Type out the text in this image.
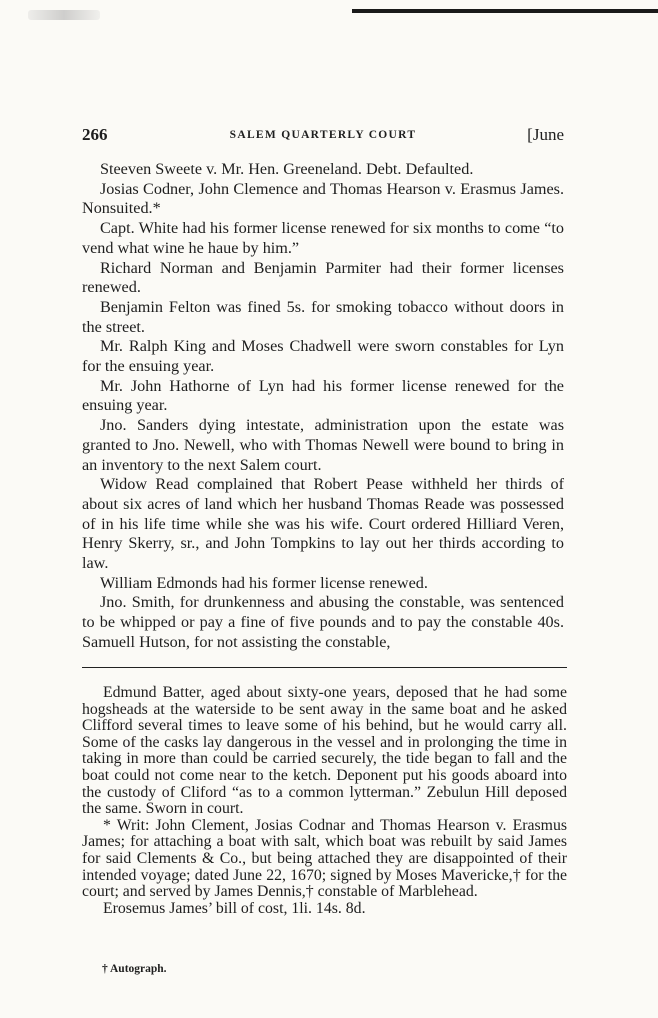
266	SALEM QUARTERLY COURT	[June

Steeven Sweete v. Mr. Hen. Greeneland. Debt. Defaulted.

Josias Codner, John Clemence and Thomas Hearson v. Erasmus James. Nonsuited.*

Capt. White had his former license renewed for six months to come “to vend what wine he haue by him.”

Richard Norman and Benjamin Parmiter had their former licenses renewed.

Benjamin Felton was fined 5s. for smoking tobacco without doors in the street.

Mr. Ralph King and Moses Chadwell were sworn constables for Lyn for the ensuing year.

Mr. John Hathorne of Lyn had his former license renewed for the ensuing year.

Jno. Sanders dying intestate, administration upon the estate was granted to Jno. Newell, who with Thomas Newell were bound to bring in an inventory to the next Salem court.

Widow Read complained that Robert Pease withheld her thirds of about six acres of land which her husband Thomas Reade was possessed of in his life time while she was his wife. Court ordered Hilliard Veren, Henry Skerry, sr., and John Tompkins to lay out her thirds according to law.

William Edmonds had his former license renewed.

Jno. Smith, for drunkenness and abusing the constable, was sentenced to be whipped or pay a fine of five pounds and to pay the constable 40s. Samuell Hutson, for not assisting the constable,

Edmund Batter, aged about sixty-one years, deposed that he had some hogsheads at the waterside to be sent away in the same boat and he asked Clifford several times to leave some of his behind, but he would carry all. Some of the casks lay dangerous in the vessel and in prolonging the time in taking in more than could be carried securely, the tide began to fall and the boat could not come near to the ketch. Deponent put his goods aboard into the custody of Cliford “as to a common lytterman.” Zebulun Hill deposed the same. Sworn in court.

* Writ: John Clement, Josias Codnar and Thomas Hearson v. Erasmus James; for attaching a boat with salt, which boat was rebuilt by said James for said Clements & Co., but being attached they are disappointed of their intended voyage; dated June 22, 1670; signed by Moses Mavericke,† for the court; and served by James Dennis,† constable of Marblehead.

Erosemus James’ bill of cost, 1li. 14s. 8d.

† Autograph.
